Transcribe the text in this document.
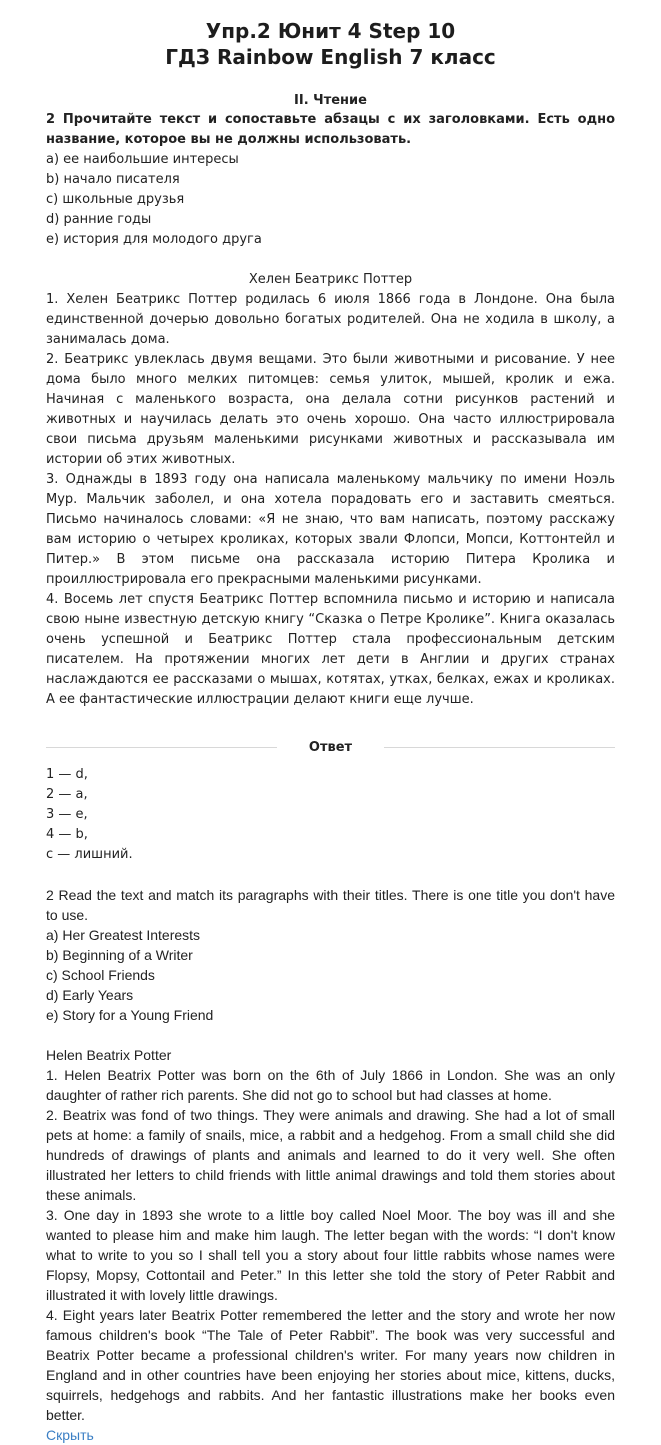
Упр.2 Юнит 4 Step 10
ГДЗ Rainbow English 7 класс
II. Чтение

2 Прочитайте текст и сопоставьте абзацы с их заголовками. Есть одно название, которое вы не должны использовать.

a) ее наибольшие интересы
b) начало писателя
c) школьные друзья
d) ранние годы
e) история для молодого друга
Хелен Беатрикс Поттер

1. Хелен Беатрикс Поттер родилась 6 июля 1866 года в Лондоне. Она была единственной дочерью довольно богатых родителей. Она не ходила в школу, а занималась дома.

2. Беатрикс увлеклась двумя вещами. Это были животными и рисование. У нее дома было много мелких питомцев: семья улиток, мышей, кролик и ежа. Начиная с маленького возраста, она делала сотни рисунков растений и животных и научилась делать это очень хорошо. Она часто иллюстрировала свои письма друзьям маленькими рисунками животных и рассказывала им истории об этих животных.

3. Однажды в 1893 году она написала маленькому мальчику по имени Ноэль Мур. Мальчик заболел, и она хотела порадовать его и заставить смеяться. Письмо начиналось словами: «Я не знаю, что вам написать, поэтому расскажу вам историю о четырех кроликах, которых звали Флопси, Мопси, Коттонтейл и Питер.» В этом письме она рассказала историю Питера Кролика и проиллюстрировала его прекрасными маленькими рисунками.

4. Восемь лет спустя Беатрикс Поттер вспомнила письмо и историю и написала свою ныне известную детскую книгу “Сказка о Петре Кролике”. Книга оказалась очень успешной и Беатрикс Поттер стала профессиональным детским писателем. На протяжении многих лет дети в Англии и других странах наслаждаются ее рассказами о мышах, котятах, утках, белках, ежах и кроликах. А ее фантастические иллюстрации делают книги еще лучше.

Ответ
1 — d,
2 — a,
3 — e,
4 — b,
c — лишний.

2 Read the text and match its paragraphs with their titles. There is one title you don't have to use.

a) Her Greatest Interests
b) Beginning of a Writer
c) School Friends
d) Early Years
e) Story for a Young Friend
Helen Beatrix Potter

1. Helen Beatrix Potter was born on the 6th of July 1866 in London. She was an only daughter of rather rich parents. She did not go to school but had classes at home.

2. Beatrix was fond of two things. They were animals and drawing. She had a lot of small pets at home: a family of snails, mice, a rabbit and a hedgehog. From a small child she did hundreds of drawings of plants and animals and learned to do it very well. She often illustrated her letters to child friends with little animal drawings and told them stories about these animals.

3. One day in 1893 she wrote to a little boy called Noel Moor. The boy was ill and she wanted to please him and make him laugh. The letter began with the words: “I don't know what to write to you so I shall tell you a story about four little rabbits whose names were Flopsy, Mopsy, Cottontail and Peter.” In this letter she told the story of Peter Rabbit and illustrated it with lovely little drawings.

4. Eight years later Beatrix Potter remembered the letter and the story and wrote her now famous children's book “The Tale of Peter Rabbit”. The book was very successful and Beatrix Potter became a professional children's writer. For many years now children in England and in other countries have been enjoying her stories about mice, kittens, ducks, squirrels, hedgehogs and rabbits. And her fantastic illustrations make her books even better.

Скрыть
